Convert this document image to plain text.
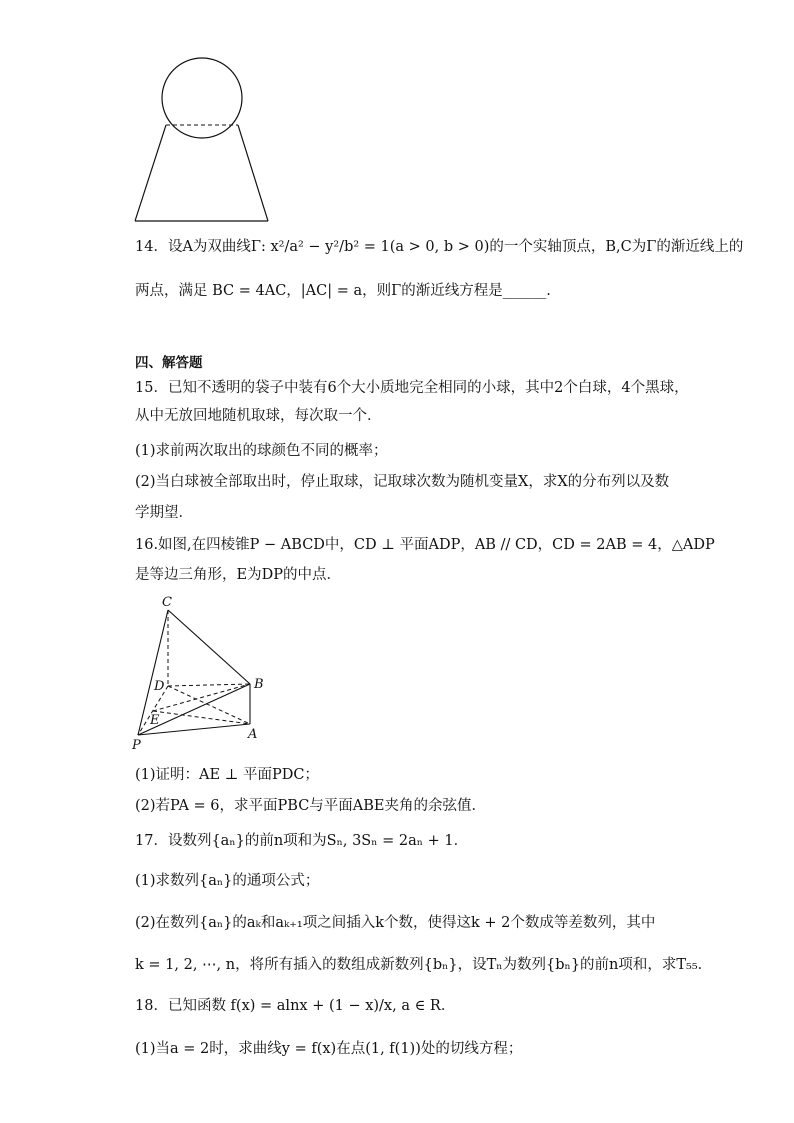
14．设A为双曲线Γ: x²/a² − y²/b² = 1(a > 0, b > 0)的一个实轴顶点，B,C为Γ的渐近线上的
两点，满足 BC = 4AC，|AC| = a，则Γ的渐近线方程是______.
四、解答题
15．已知不透明的袋子中装有6个大小质地完全相同的小球，其中2个白球，4个黑球，
从中无放回地随机取球，每次取一个．
(1)求前两次取出的球颜色不同的概率；
(2)当白球被全部取出时，停止取球，记取球次数为随机变量X，求X的分布列以及数
学期望．
16.如图,在四棱锥P − ABCD中，CD ⊥ 平面ADP，AB // CD，CD = 2AB = 4，△ADP
是等边三角形，E为DP的中点．
C
D	B
E
P
A
(1)证明：AE ⊥ 平面PDC；
(2)若PA = 6，求平面PBC与平面ABE夹角的余弦值．
17．设数列{aₙ}的前n项和为Sₙ, 3Sₙ = 2aₙ + 1．
(1)求数列{aₙ}的通项公式；
(2)在数列{aₙ}的aₖ和aₖ₊₁项之间插入k个数，使得这k + 2个数成等差数列，其中
k = 1, 2, ⋯, n，将所有插入的数组成新数列{bₙ}，设Tₙ为数列{bₙ}的前n项和，求T₅₅．
18．已知函数 f(x) = alnx + (1 − x)/x, a ∈ R．
(1)当a = 2时，求曲线y = f(x)在点(1, f(1))处的切线方程；
